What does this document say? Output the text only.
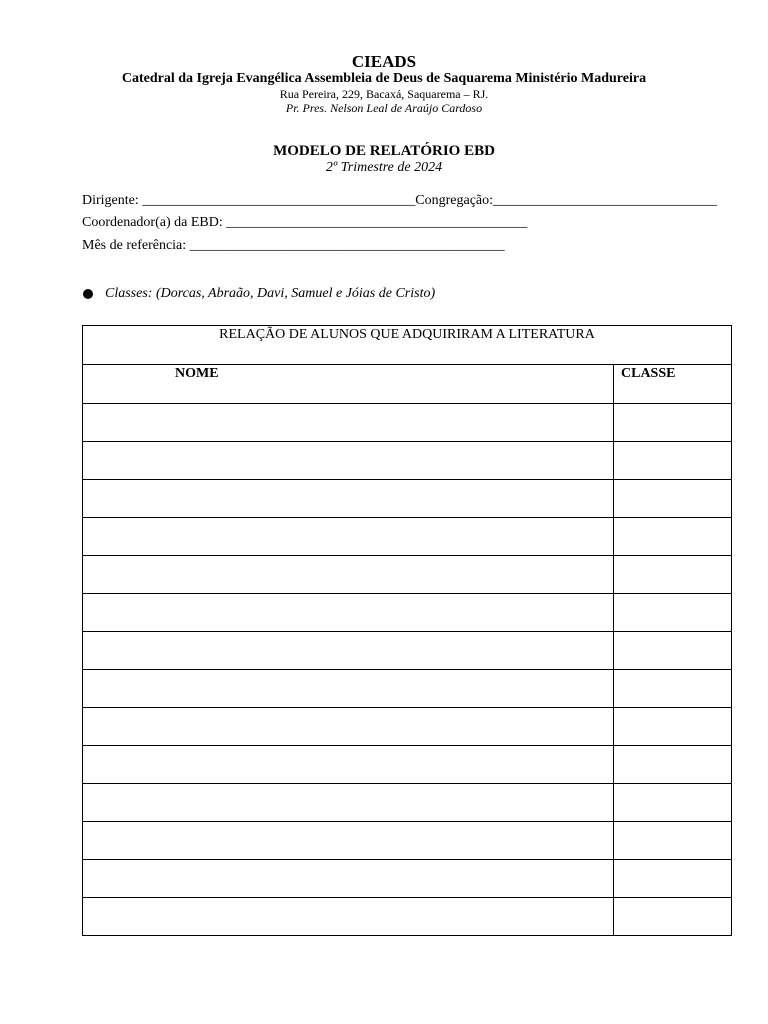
CIEADS
Catedral da Igreja Evangélica Assembleia de Deus de Saquarema Ministério Madureira
Rua Pereira, 229, Bacaxá, Saquarema – RJ.
Pr. Pres. Nelson Leal de Araújo Cardoso
MODELO DE RELATÓRIO EBD
2º Trimestre de 2024
Dirigente: _______________________________________Congregação:________________________________
Coordenador(a) da EBD: ___________________________________________
Mês de referência: _____________________________________________
Classes: (Dorcas, Abraão, Davi, Samuel e Jóias de Cristo)
RELAÇÃO DE ALUNOS QUE ADQUIRIRAM A LITERATURA	
NOME	CLASSE
